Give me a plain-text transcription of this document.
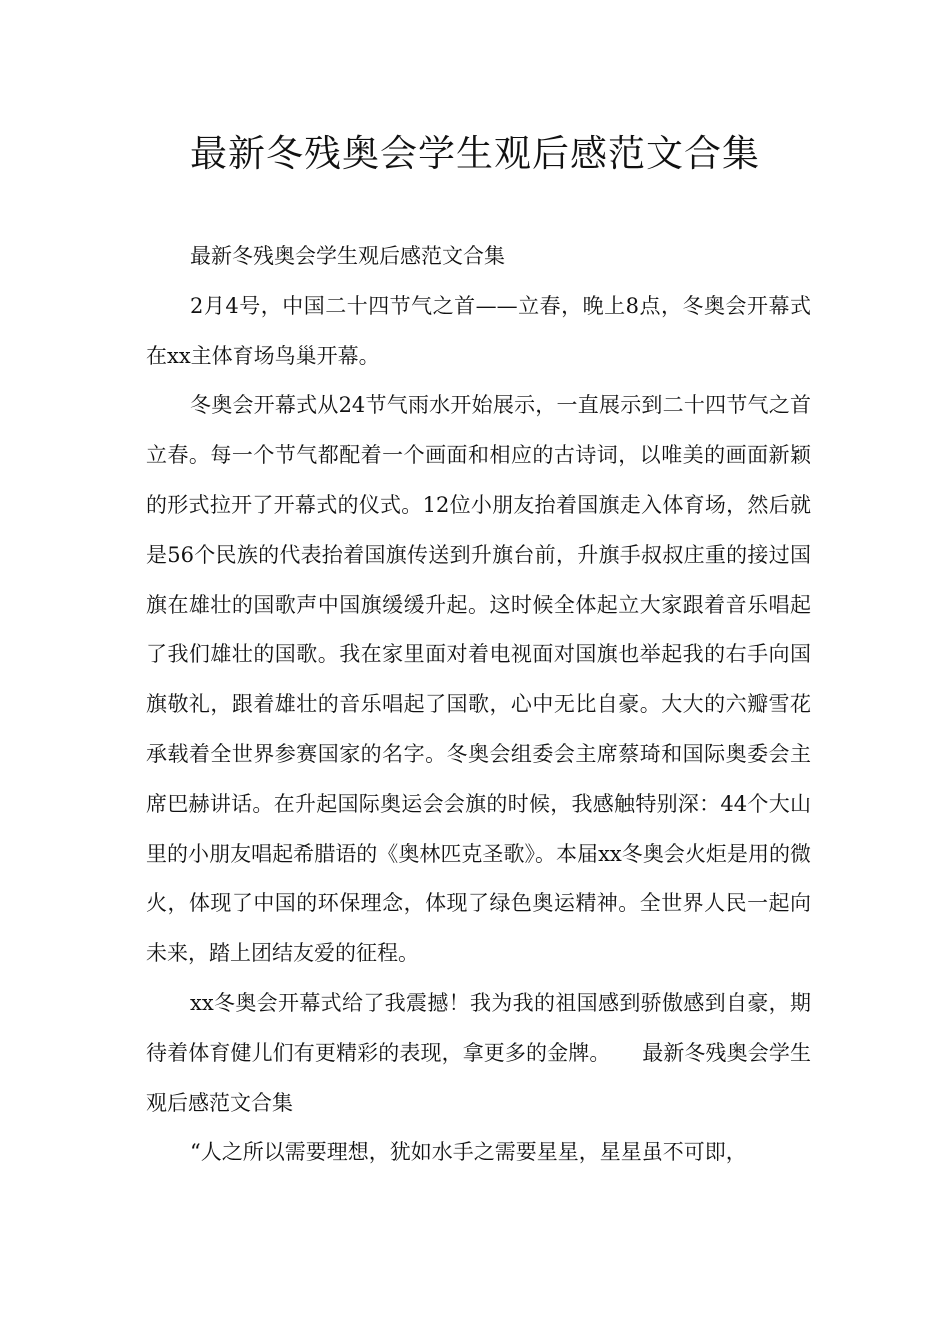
最新冬残奥会学生观后感范文合集

最新冬残奥会学生观后感范文合集

2月4号，中国二十四节气之首——立春，晚上8点，冬奥会开幕式在xx主体育场鸟巢开幕。

冬奥会开幕式从24节气雨水开始展示，一直展示到二十四节气之首立春。每一个节气都配着一个画面和相应的古诗词，以唯美的画面新颖的形式拉开了开幕式的仪式。12位小朋友抬着国旗走入体育场，然后就是56个民族的代表抬着国旗传送到升旗台前，升旗手叔叔庄重的接过国旗在雄壮的国歌声中国旗缓缓升起。这时候全体起立大家跟着音乐唱起了我们雄壮的国歌。我在家里面对着电视面对国旗也举起我的右手向国旗敬礼，跟着雄壮的音乐唱起了国歌，心中无比自豪。大大的六瓣雪花承载着全世界参赛国家的名字。冬奥会组委会主席蔡琦和国际奥委会主席巴赫讲话。在升起国际奥运会会旗的时候，我感触特别深：44个大山里的小朋友唱起希腊语的《奥林匹克圣歌》。本届xx冬奥会火炬是用的微火，体现了中国的环保理念，体现了绿色奥运精神。全世界人民一起向未来，踏上团结友爱的征程。

xx冬奥会开幕式给了我震撼！我为我的祖国感到骄傲感到自豪，期待着体育健儿们有更精彩的表现，拿更多的金牌。　　最新冬残奥会学生观后感范文合集

“人之所以需要理想，犹如水手之需要星星，星星虽不可即，
